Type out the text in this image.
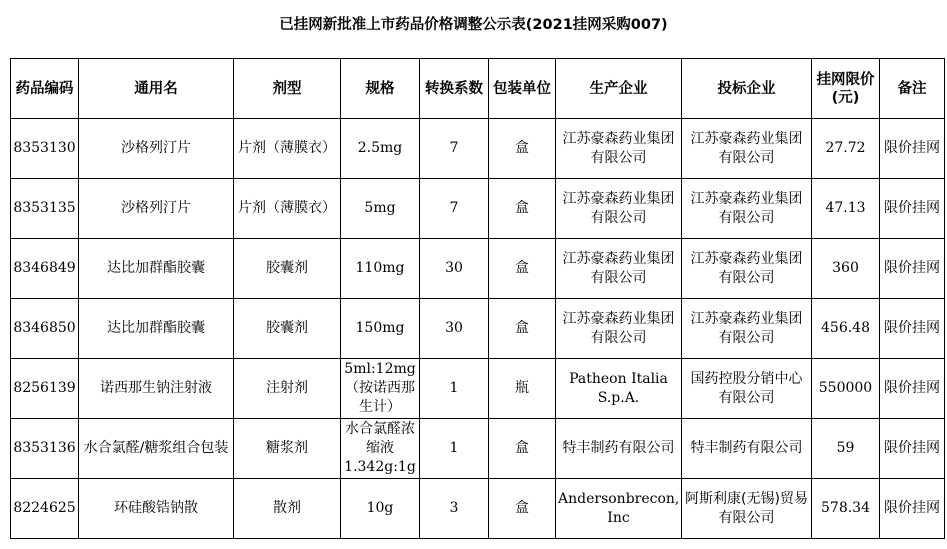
已挂网新批准上市药品价格调整公示表(2021挂网采购007)
药品编码	通用名	剂型	规格	转换系数	包装单位	生产企业	投标企业	挂网限价(元)	备注
8353130	沙格列汀片	片剂（薄膜衣）	2.5mg	7	盒	江苏豪森药业集团有限公司	江苏豪森药业集团有限公司	27.72	限价挂网
8353135	沙格列汀片	片剂（薄膜衣）	5mg	7	盒	江苏豪森药业集团有限公司	江苏豪森药业集团有限公司	47.13	限价挂网
8346849	达比加群酯胶囊	胶囊剂	110mg	30	盒	江苏豪森药业集团有限公司	江苏豪森药业集团有限公司	360	限价挂网
8346850	达比加群酯胶囊	胶囊剂	150mg	30	盒	江苏豪森药业集团有限公司	江苏豪森药业集团有限公司	456.48	限价挂网
8256139	诺西那生钠注射液	注射剂	5ml:12mg（按诺西那生计）	1	瓶	Patheon Italia S.p.A.	国药控股分销中心有限公司	550000	限价挂网
8353136	水合氯醛/糖浆组合包装	糖浆剂	水合氯醛浓缩液1.342g:1g	1	盒	特丰制药有限公司	特丰制药有限公司	59	限价挂网
8224625	环硅酸锆钠散	散剂	10g	3	盒	Andersonbrecon, Inc	阿斯利康(无锡)贸易有限公司	578.34	限价挂网
